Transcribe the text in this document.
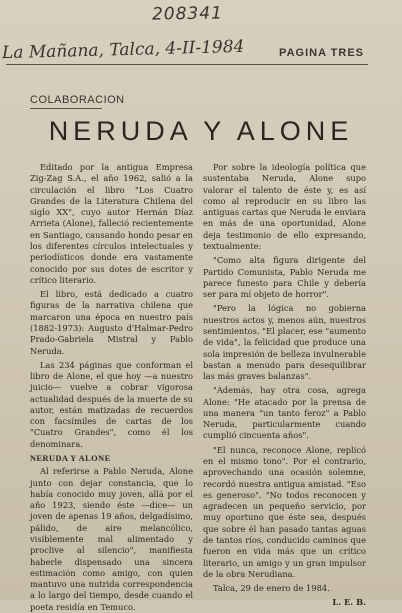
208341
La Mañana, Talca, 4-II-1984	PAGINA TRES
COLABORACION
NERUDA Y ALONE

Editado por la antigua Empresa Zig-Zag S.A., el año 1962, salió a la circulación el libro "Los Cuatro Grandes de la Literatura Chilena del siglo XX", cuyo autor Hernán Díaz Arrieta (Alone), falleció recientemente en Santiago, causando hondo pesar en los diferentes círculos intelectuales y periodísticos donde era vastamente conocido por sus dotes de escritor y crítico literario.

El libro, está dedicado a cuatro figuras de la narrativa chilena que marcaron una época en nuestro país (1882-1973): Augusto d'Halmar-Pedro Prado-Gabriela Mistral y Pablo Neruda.

Las 234 páginas que conforman el libro de Alone, el que hoy —a nuestro juicio— vuelve a cobrar vigorosa actualidad después de la muerte de su autor, están matizadas de recuerdos con facsímiles de cartas de los "Cuatro Grandes", como él los denominara.

NERUDA Y ALONE

Al referirse a Pablo Neruda, Alone junto con dejar constancia, que lo había conocido muy joven, allá por el año 1923, siendo éste —dice— un joven de apenas 19 años, delgadísimo, pálido, de aire melancólico, visiblemente mal alimentado y proclive al silencio", manifiesta haberle dispensado una sincera estimación como amigo, con quien mantuvo una nutrida correspondencia a lo largo del tiempo, desde cuando el poeta residía en Temuco.

Por sobre la ideología política que sustentaba Neruda, Alone supo valorar el talento de éste y, es así como al reproducir en su libro las antiguas cartas que Neruda le enviara en más de una oportunidad, Alone deja testimonio de ello expresando, textualmente:

"Como alta figura dirigente del Partido Comunista, Pablo Neruda me parece funesto para Chile y debería ser para mí objeto de horror".

"Pero la lógica no gobierna nuestros actos y, menos aún, nuestros sentimientos. "El placer, ese "aumento de vida", la felicidad que produce una sola impresión de belleza invulnerable bastan a menudo para desequilibrar las más graves balanzas".

"Además, hay otra cosa, agrega Alone: "He atacado por la prensa de una manera "un tanto feroz" a Pablo Neruda, particularmente cuando cumplió cincuenta años".

"El nunca, reconoce Alone, replicó en el mismo tono". Por el contrario, aprovechando una ocasión solemne, recordó nuestra antigua amistad. "Eso es generoso". "No todos reconocen y agradecen un pequeño servicio, por muy oportuno que éste sea, después que sobre él han pasado tantas aguas de tantos ríos, conducido caminos que fueron en vida más que un crítico literario, un amigo y un gran impulsor de la obra Nerudiana.

Talca, 29 de enero de 1984.

L. E. B.
